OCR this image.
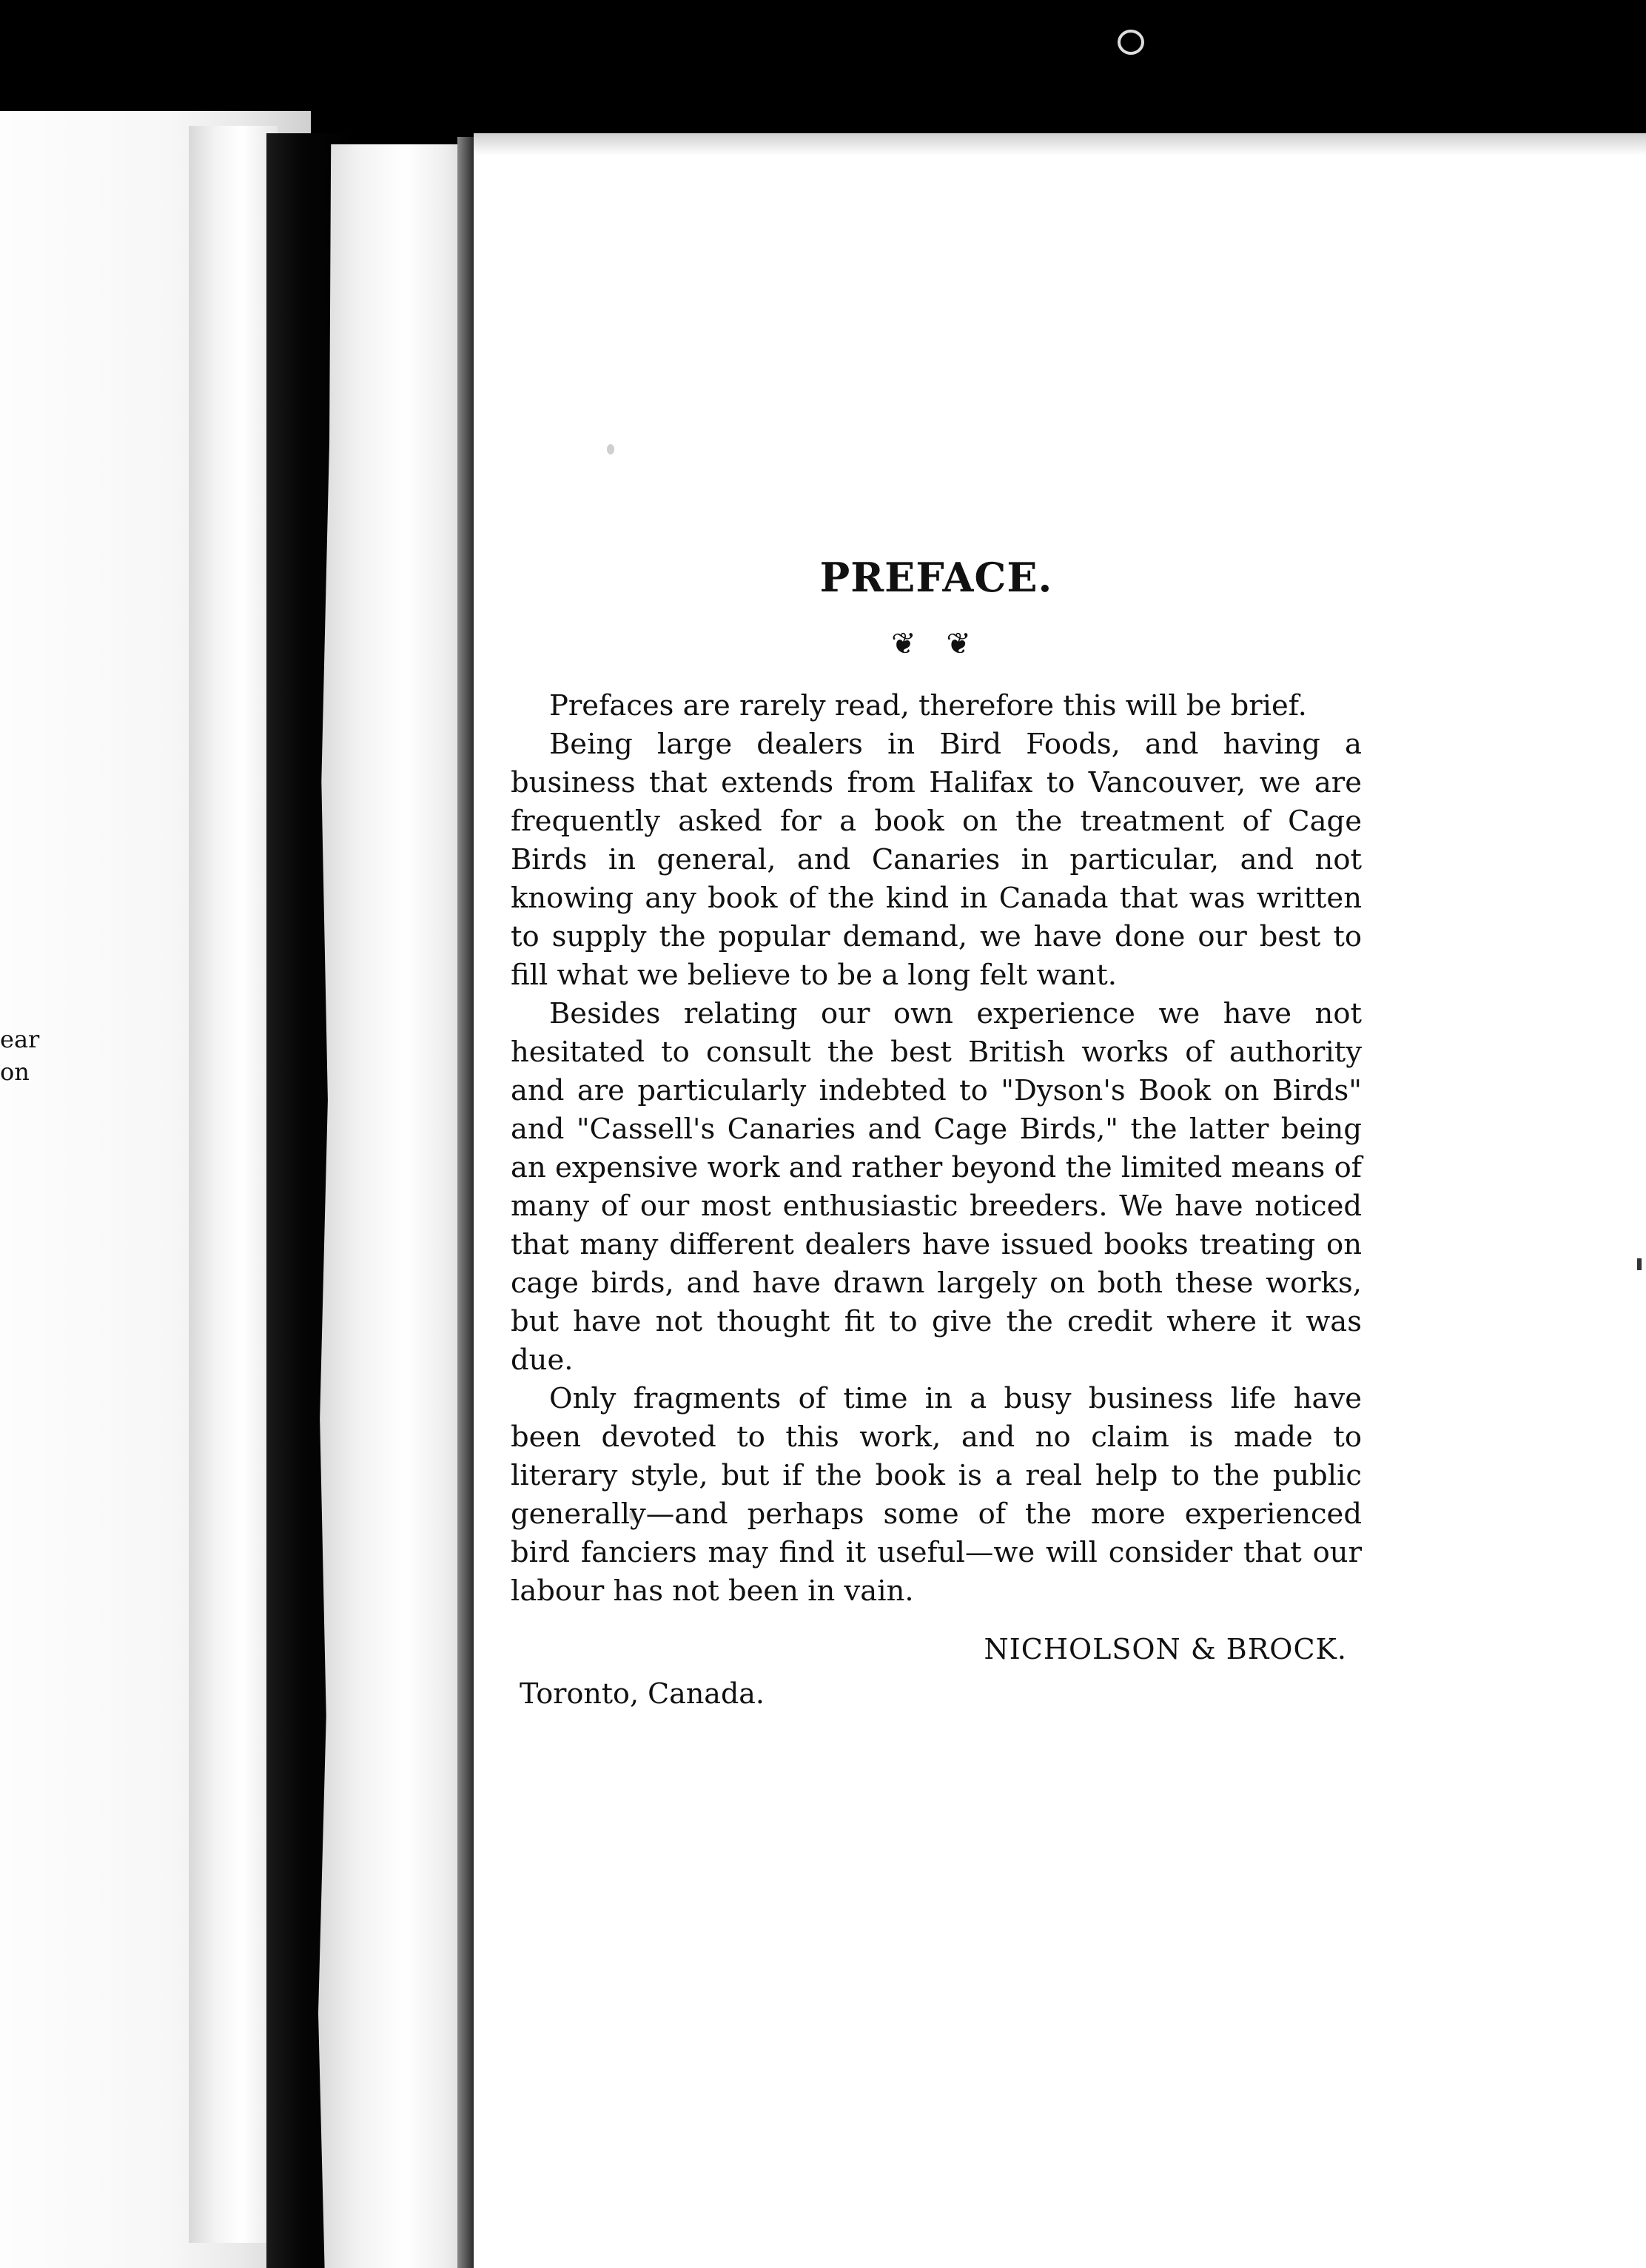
ear
on
PREFACE.
❦ ❦

Prefaces are rarely read, therefore this will be brief.

Being large dealers in Bird Foods, and having a business that extends from Halifax to Vancouver, we are frequently asked for a book on the treatment of Cage Birds in general, and Canaries in particular, and not knowing any book of the kind in Canada that was written to supply the popular demand, we have done our best to fill what we believe to be a long felt want.

Besides relating our own experience we have not hesitated to consult the best British works of authority and are particularly indebted to "Dyson's Book on Birds" and "Cassell's Canaries and Cage Birds," the latter being an expensive work and rather beyond the limited means of many of our most enthusiastic breeders. We have noticed that many different dealers have issued books treating on cage birds, and have drawn largely on both these works, but have not thought fit to give the credit where it was due.

Only fragments of time in a busy business life have been devoted to this work, and no claim is made to literary style, but if the book is a real help to the public generally—and perhaps some of the more experienced bird fanciers may find it useful—we will consider that our labour has not been in vain.

NICHOLSON & BROCK.
Toronto, Canada.
